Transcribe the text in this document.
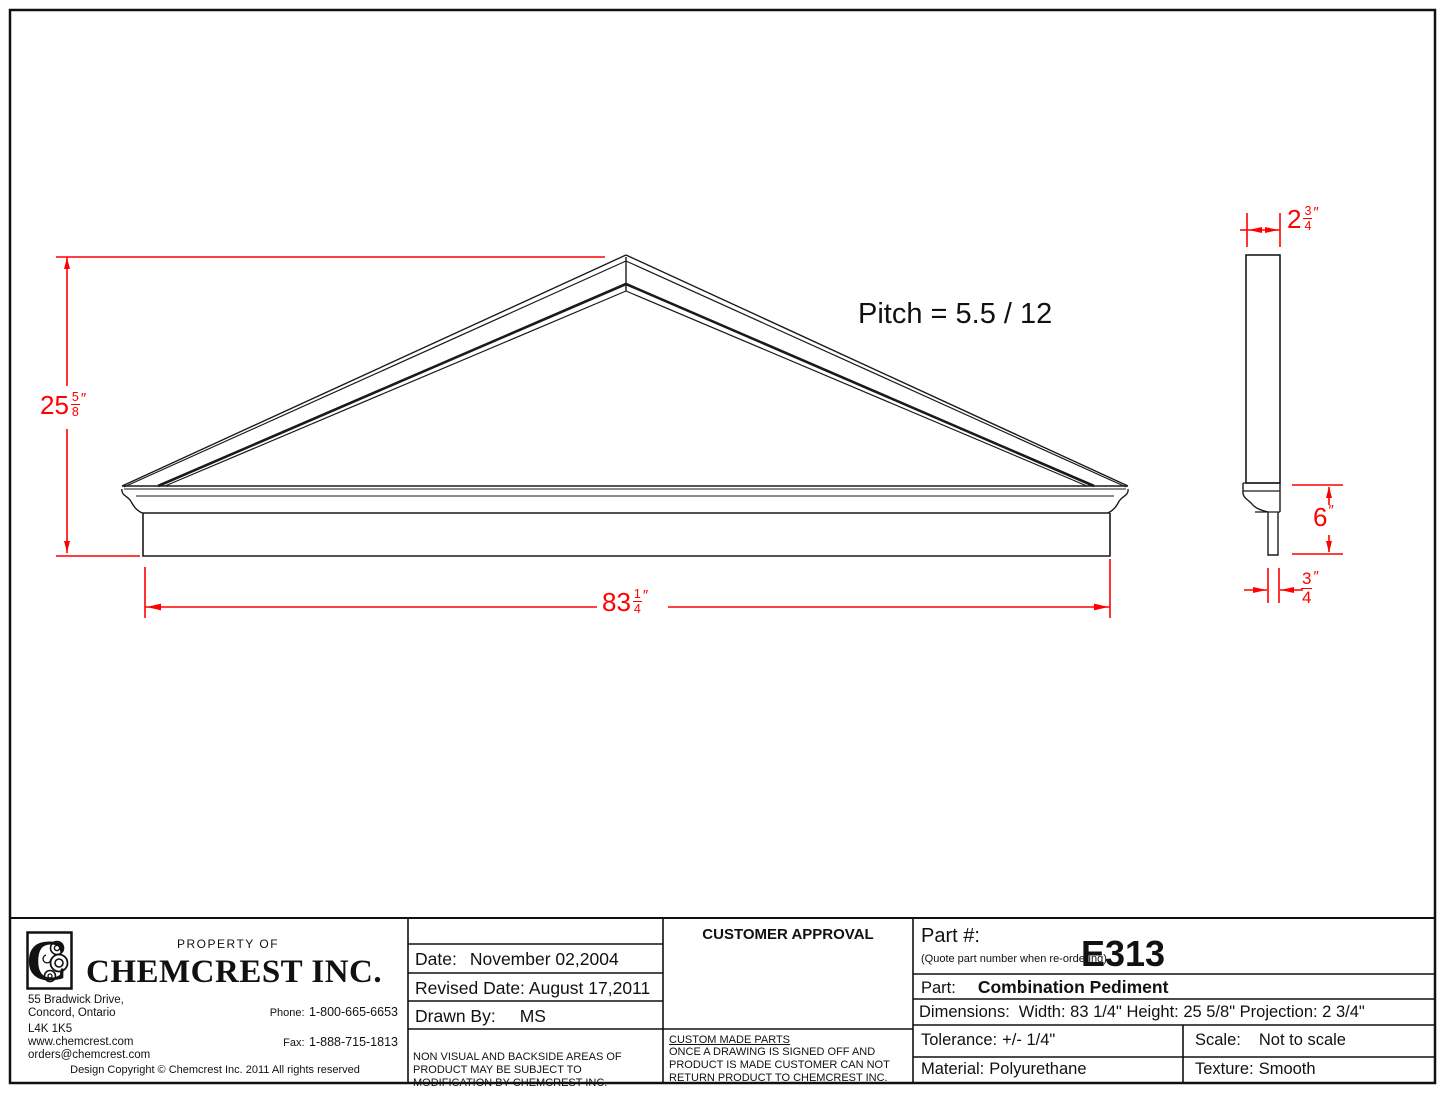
Pitch = 5.5 / 12
$25 \frac{5}{8}$ ″
$83 \frac{1}{4}$ ″
$2 \frac{3}{4}$ ″
6 ″
$\frac{3}{4}$ ″
C	PROPERTY OF
CHEMCREST INC.
55 Bradwick Drive,
Concord, Ontario
L4K 1K5
www.chemcrest.com
orders@chemcrest.com
Phone: 1-800-665-6653
Fax: 1-888-715-1813
Design Copyright © Chemcrest Inc. 2011 All rights reserved
Date: November 02,2004
Revised Date: August 17,2011
Drawn By: MS
NON VISUAL AND BACKSIDE AREAS OF PRODUCT MAY BE SUBJECT TO MODIFICATION BY CHEMCREST INC.
CUSTOMER APPROVAL
CUSTOM MADE PARTS
ONCE A DRAWING IS SIGNED OFF AND PRODUCT IS MADE CUSTOMER CAN NOT RETURN PRODUCT TO CHEMCREST INC.
Part #:
(Quote part number when re-ordering)
E313
Part: Combination Pediment
Dimensions: Width: 83 1/4" Height: 25 5/8" Projection: 2 3/4"
Tolerance: +/- 1/4"	Scale: Not to scale
Material: Polyurethane	Texture: Smooth
